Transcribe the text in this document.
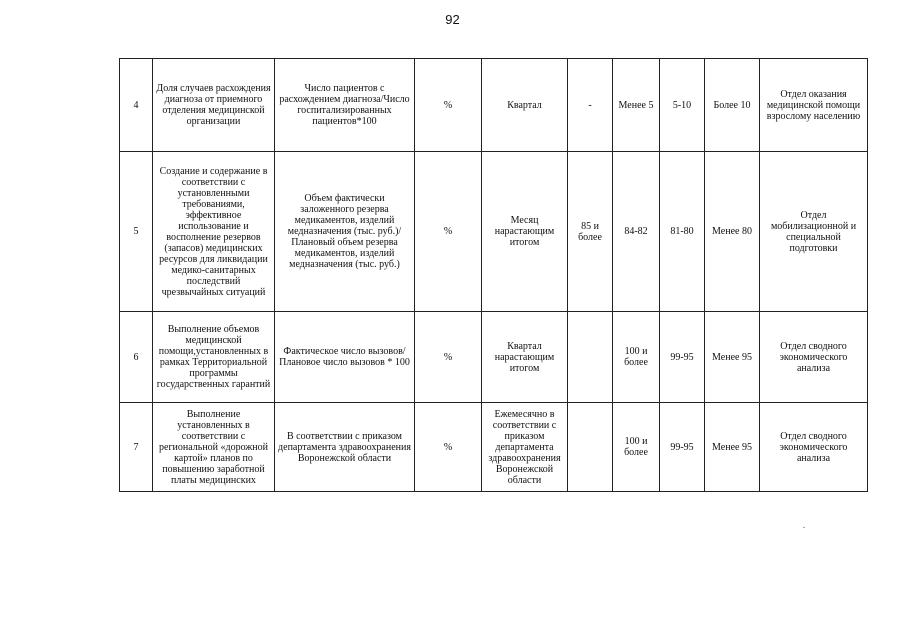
92
4	Доля случаев расхождения диагноза от приемного отделения медицинской организации	Число пациентов с расхождением диагноза/Число госпитализированных пациентов*100	%	Квартал	-	Менее 5	5-10	Более 10	Отдел оказания медицинской помощи взрослому населению
5	Создание и содержание в соответствии с установленными требованиями, эффективное использование и восполнение резервов (запасов) медицинских ресурсов для ликвидации медико-санитарных последствий чрезвычайных ситуаций	Объем фактически заложенного резерва медикаментов, изделий медназначения (тыс. руб.)/Плановый объем резерва медикаментов, изделий медназначения (тыс. руб.)	%	Месяц нарастающим итогом	85 и более	84-82	81-80	Менее 80	Отдел мобилизационной и специальной подготовки
6	Выполнение объемов медицинской помощи,установленных в рамках Территориальной программы государственных гарантий	Фактическое число вызовов/Плановое число вызовов * 100	%	Квартал нарастающим итогом		100 и более	99-95	Менее 95	Отдел сводного экономического анализа
7	Выполнение установленных в соответствии с региональной «дорожной картой» планов по повышению заработной платы медицинских	В соответствии с приказом департамента здравоохранения Воронежской области	%	Ежемесячно в соответствии с приказом департамента здравоохранения Воронежской области		100 и более	99-95	Менее 95	Отдел сводного экономического анализа
